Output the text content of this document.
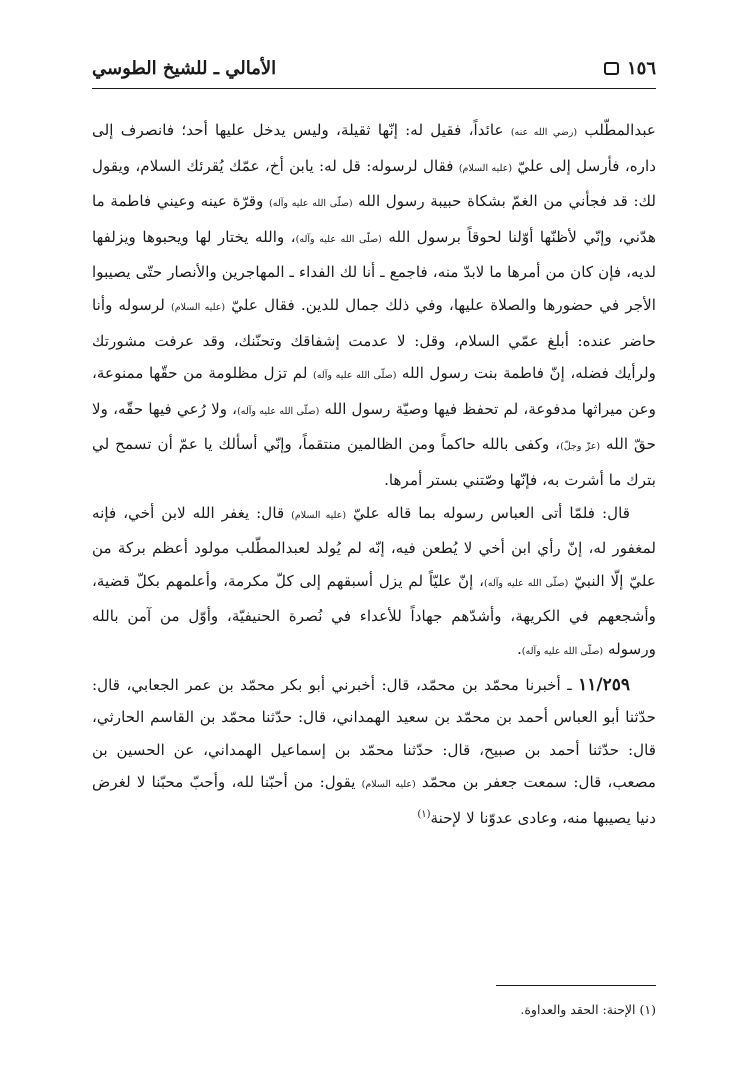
١٥٦
الأمالي ـ للشيخ الطوسي

عبدالمطّلب (رضي الله عنه) عائداً، فقيل له: إنّها ثقيلة، وليس يدخل عليها أحد؛ فانصرف إلى داره، فأرسل إلى عليّ (عليه السلام) فقال لرسوله: قل له: يابن أخ، عمّك يُقرئك السلام، ويقول لك: قد فجأني من الغمّ بشكاة حبيبة رسول الله (صلّى الله عليه وآله) وقرّة عينه وعيني فاطمة ما هدّني، وإنّي لأظنّها أوّلنا لحوقاً برسول الله (صلّى الله عليه وآله)، والله يختار لها ويحبوها ويزلفها لديه، فإن كان من أمرها ما لابدّ منه، فاجمع ـ أنا لك الفداء ـ المهاجرين والأنصار حتّى يصيبوا الأجر في حضورها والصلاة عليها، وفي ذلك جمال للدين. فقال عليّ (عليه السلام) لرسوله وأنا حاضر عنده: أبلغ عمّي السلام، وقل: لا عدمت إشفاقك وتحنّنك، وقد عرفت مشورتك ولرأيك فضله، إنّ فاطمة بنت رسول الله (صلّى الله عليه وآله) لم تزل مظلومة من حقّها ممنوعة، وعن ميراثها مدفوعة، لم تحفظ فيها وصيّة رسول الله (صلّى الله عليه وآله)، ولا رُعي فيها حقّه، ولا حقّ الله (عزّ وجلّ)، وكفى بالله حاكماً ومن الظالمين منتقماً، وإنّي أسألك يا عمّ أن تسمح لي بترك ما أشرت به، فإنّها وصّتني بستر أمرها.

قال: فلمّا أتى العباس رسوله بما قاله عليّ (عليه السلام) قال: يغفر الله لابن أخي، فإنه لمغفور له، إنّ رأي ابن أخي لا يُطعن فيه، إنّه لم يُولد لعبدالمطّلب مولود أعظم بركة من عليّ إلّا النبيّ (صلّى الله عليه وآله)، إنّ عليّاً لم يزل أسبقهم إلى كلّ مكرمة، وأعلمهم بكلّ قضية، وأشجعهم في الكريهة، وأشدّهم جهاداً للأعداء في نُصرة الحنيفيّة، وأوّل من آمن بالله ورسوله (صلّى الله عليه وآله).

١١/٢٥٩ ـ أخبرنا محمّد بن محمّد، قال: أخبرني أبو بكر محمّد بن عمر الجعابي، قال: حدّثنا أبو العباس أحمد بن محمّد بن سعيد الهمداني، قال: حدّثنا محمّد بن القاسم الحارثي، قال: حدّثنا أحمد بن صبيح، قال: حدّثنا محمّد بن إسماعيل الهمداني، عن الحسين بن مصعب، قال: سمعت جعفر بن محمّد (عليه السلام) يقول: من أحبّنا لله، وأحبّ محبّنا لا لغرض دنيا يصيبها منه، وعادى عدوّنا لا لإحنة$^{(١)}$

(١) الإحنة: الحقد والعداوة.
